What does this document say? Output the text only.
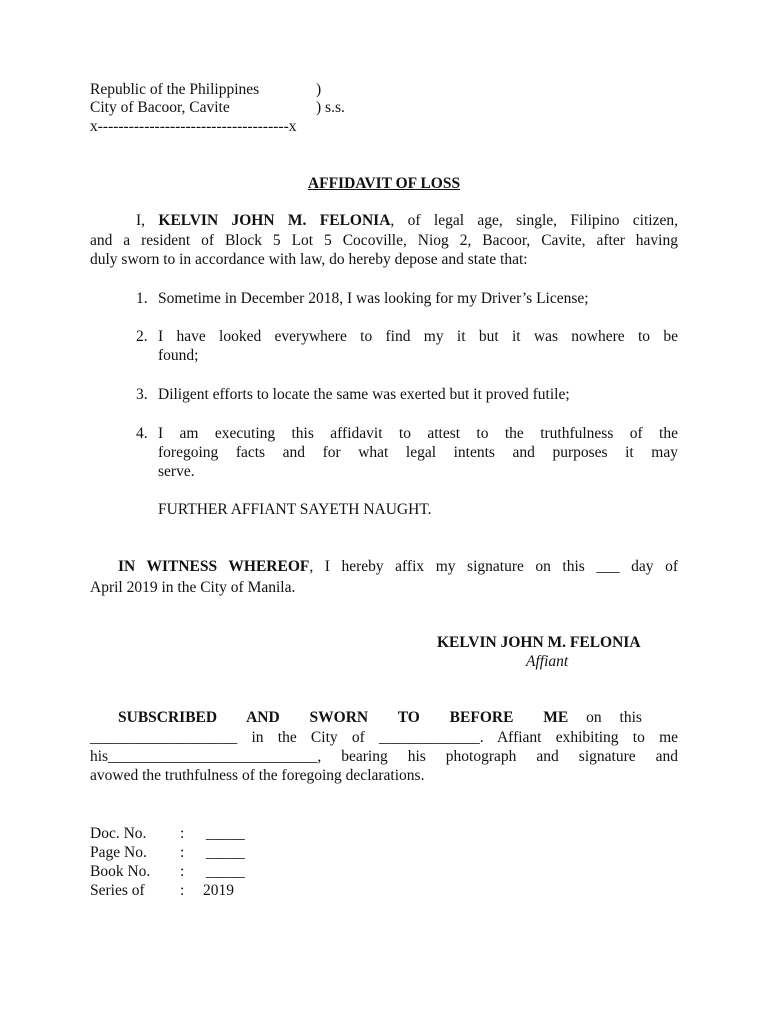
Republic of the Philippines	)
City of Bacoor, Cavite	) s.s.
x-------------------------------------x
AFFIDAVIT OF LOSS
I, KELVIN JOHN M. FELONIA, of legal age, single, Filipino citizen,
and a resident of Block 5 Lot 5 Cocoville, Niog 2, Bacoor, Cavite, after having
duly sworn to in accordance with law, do hereby depose and state that:
1. Sometime in December 2018, I was looking for my Driver’s License;
2. I have looked everywhere to find my it but it was nowhere to be
found;
3. Diligent efforts to locate the same was exerted but it proved futile;
4. I am executing this affidavit to attest to the truthfulness of the
foregoing facts and for what legal intents and purposes it may
serve.
FURTHER AFFIANT SAYETH NAUGHT.
IN WITNESS WHEREOF, I hereby affix my signature on this ___ day of
April 2019 in the City of Manila.
KELVIN JOHN M. FELONIA
Affiant
SUBSCRIBED AND SWORN TO BEFORE ME on this
___________________ in the City of _____________. Affiant exhibiting to me
his___________________________, bearing his photograph and signature and
avowed the truthfulness of the foregoing declarations.
Doc. No. : _____
Page No. : _____
Book No. : _____
Series of : 2019
